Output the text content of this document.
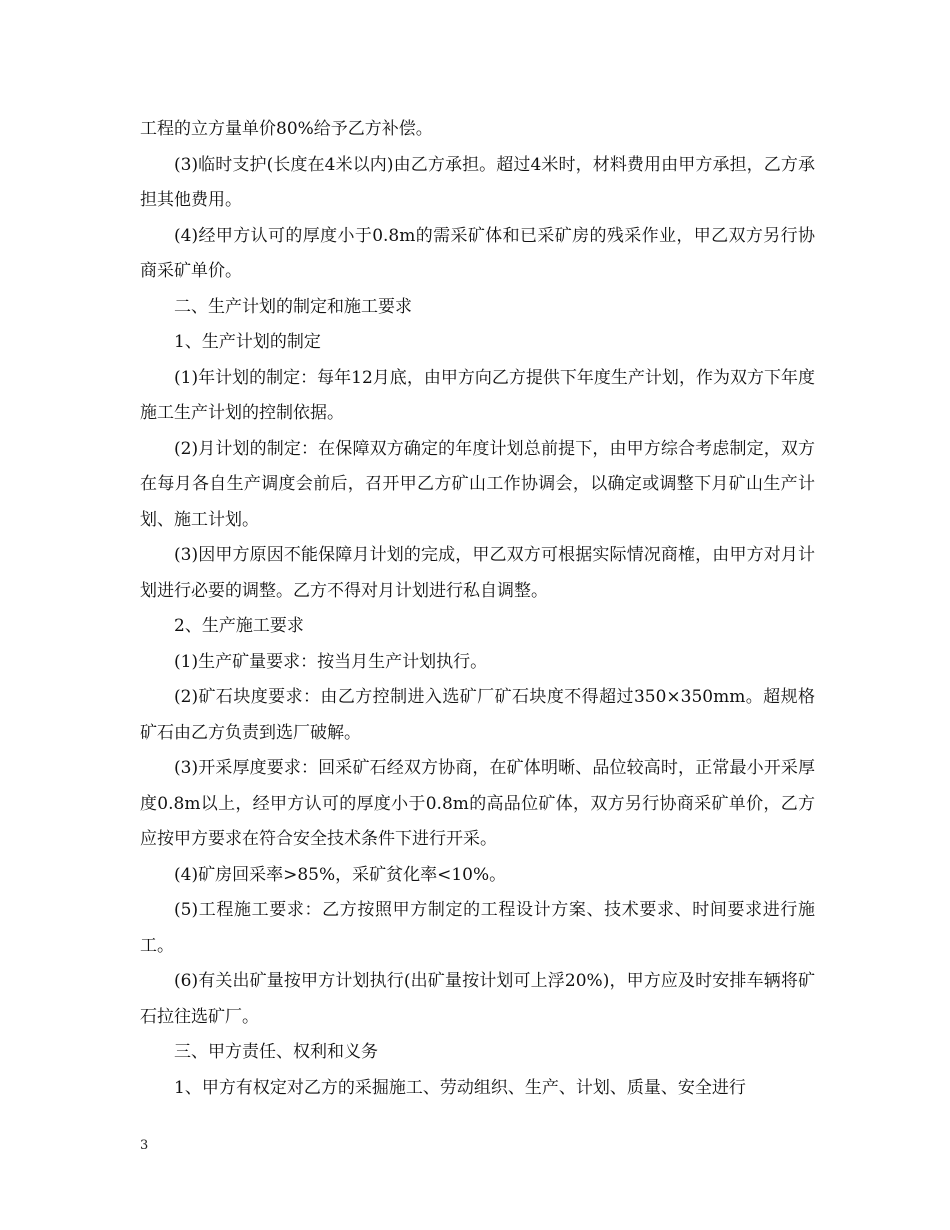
工程的立方量单价80%给予乙方补偿。

(3)临时支护(长度在4米以内)由乙方承担。超过4米时，材料费用由甲方承担，乙方承担其他费用。

(4)经甲方认可的厚度小于0.8m的需采矿体和已采矿房的残采作业，甲乙双方另行协商采矿单价。

二、生产计划的制定和施工要求

1、生产计划的制定

(1)年计划的制定：每年12月底，由甲方向乙方提供下年度生产计划，作为双方下年度施工生产计划的控制依据。

(2)月计划的制定：在保障双方确定的年度计划总前提下，由甲方综合考虑制定，双方在每月各自生产调度会前后，召开甲乙方矿山工作协调会，以确定或调整下月矿山生产计划、施工计划。

(3)因甲方原因不能保障月计划的完成，甲乙双方可根据实际情况商榷，由甲方对月计划进行必要的调整。乙方不得对月计划进行私自调整。

2、生产施工要求

(1)生产矿量要求：按当月生产计划执行。

(2)矿石块度要求：由乙方控制进入选矿厂矿石块度不得超过350×350mm。超规格矿石由乙方负责到选厂破解。

(3)开采厚度要求：回采矿石经双方协商，在矿体明晰、品位较高时，正常最小开采厚度0.8m以上，经甲方认可的厚度小于0.8m的高品位矿体，双方另行协商采矿单价，乙方应按甲方要求在符合安全技术条件下进行开采。

(4)矿房回采率>85%，采矿贫化率<10%。

(5)工程施工要求：乙方按照甲方制定的工程设计方案、技术要求、时间要求进行施工。

(6)有关出矿量按甲方计划执行(出矿量按计划可上浮20%)，甲方应及时安排车辆将矿石拉往选矿厂。

三、甲方责任、权利和义务

1、甲方有权定对乙方的采掘施工、劳动组织、生产、计划、质量、安全进行

3
